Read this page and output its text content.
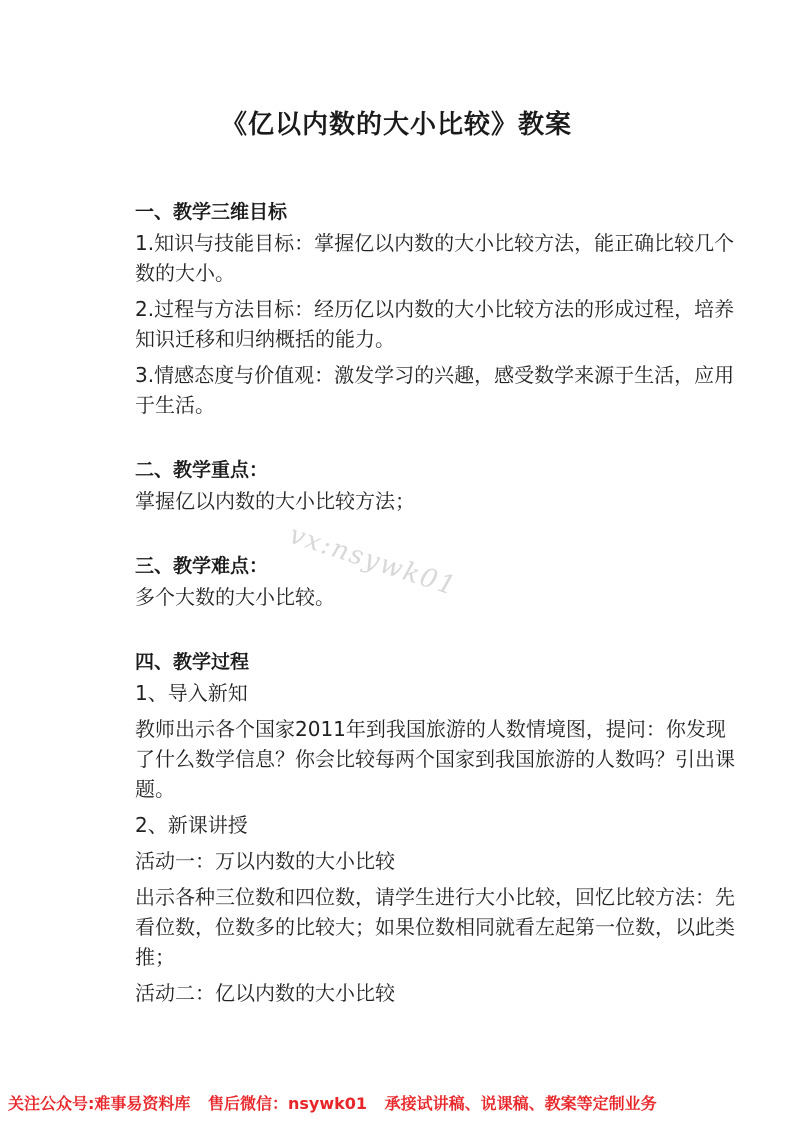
《亿以内数的大小比较》教案

一、教学三维目标

1.知识与技能目标：掌握亿以内数的大小比较方法，能正确比较几个数的大小。

2.过程与方法目标：经历亿以内数的大小比较方法的形成过程，培养知识迁移和归纳概括的能力。

3.情感态度与价值观：激发学习的兴趣，感受数学来源于生活，应用于生活。

二、教学重点：

掌握亿以内数的大小比较方法；

三、教学难点：

多个大数的大小比较。

四、教学过程

1、导入新知

教师出示各个国家2011年到我国旅游的人数情境图，提问：你发现了什么数学信息？你会比较每两个国家到我国旅游的人数吗？引出课题。

2、新课讲授

活动一：万以内数的大小比较

出示各种三位数和四位数，请学生进行大小比较，回忆比较方法：先看位数，位数多的比较大；如果位数相同就看左起第一位数，以此类推；

活动二：亿以内数的大小比较

vx:nsywk01
关注公众号:难事易资料库 售后微信：nsywk01 承接试讲稿、说课稿、教案等定制业务
